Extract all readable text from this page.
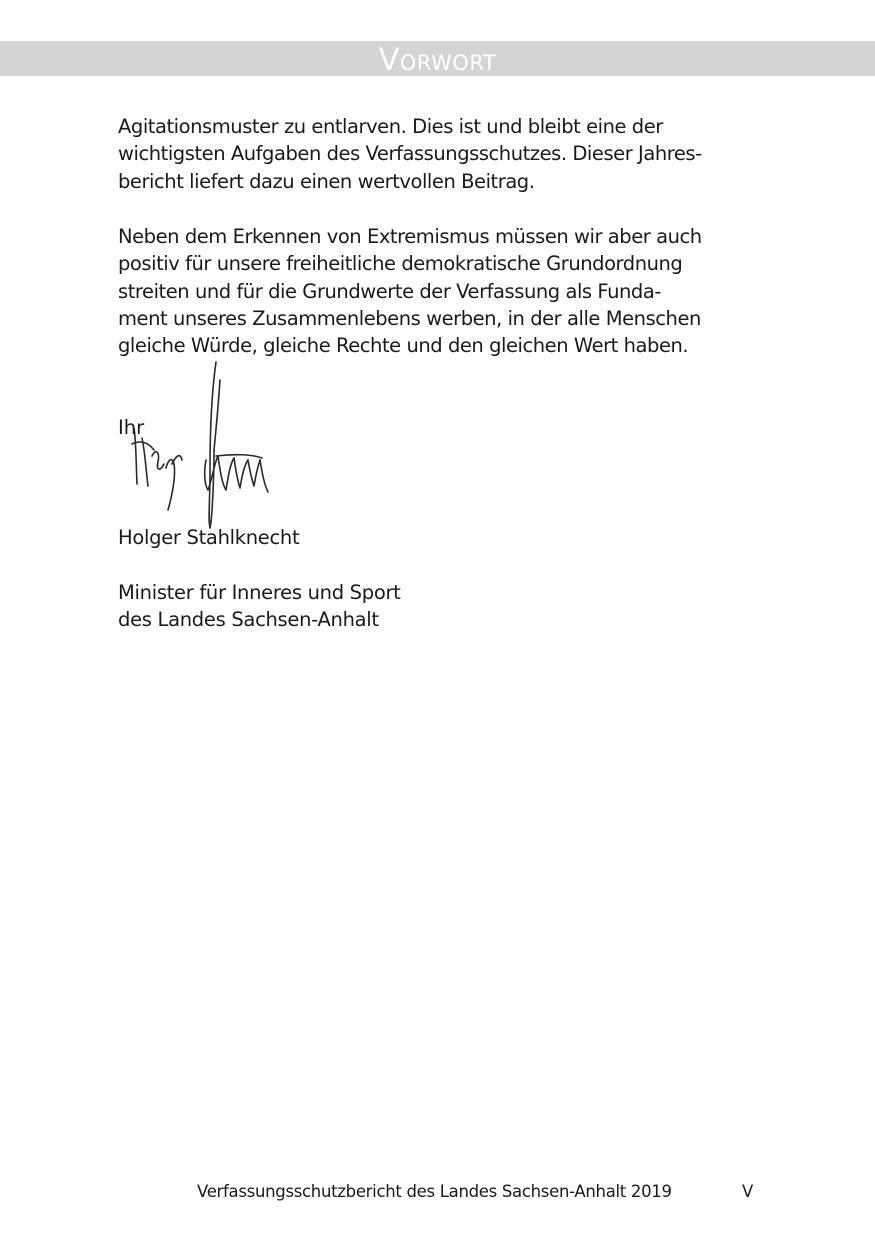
Vorwort

Agitationsmuster zu entlarven. Dies ist und bleibt eine der
wichtigsten Aufgaben des Verfassungsschutzes. Dieser Jahres-
bericht liefert dazu einen wertvollen Beitrag.

Neben dem Erkennen von Extremismus müssen wir aber auch
positiv für unsere freiheitliche demokratische Grundordnung
streiten und für die Grundwerte der Verfassung als Funda-
ment unseres Zusammenlebens werben, in der alle Menschen
gleiche Würde, gleiche Rechte und den gleichen Wert haben.

Ihr

Holger Stahlknecht

Minister für Inneres und Sport
des Landes Sachsen-Anhalt

Verfassungsschutzbericht des Landes Sachsen-Anhalt 2019	V
